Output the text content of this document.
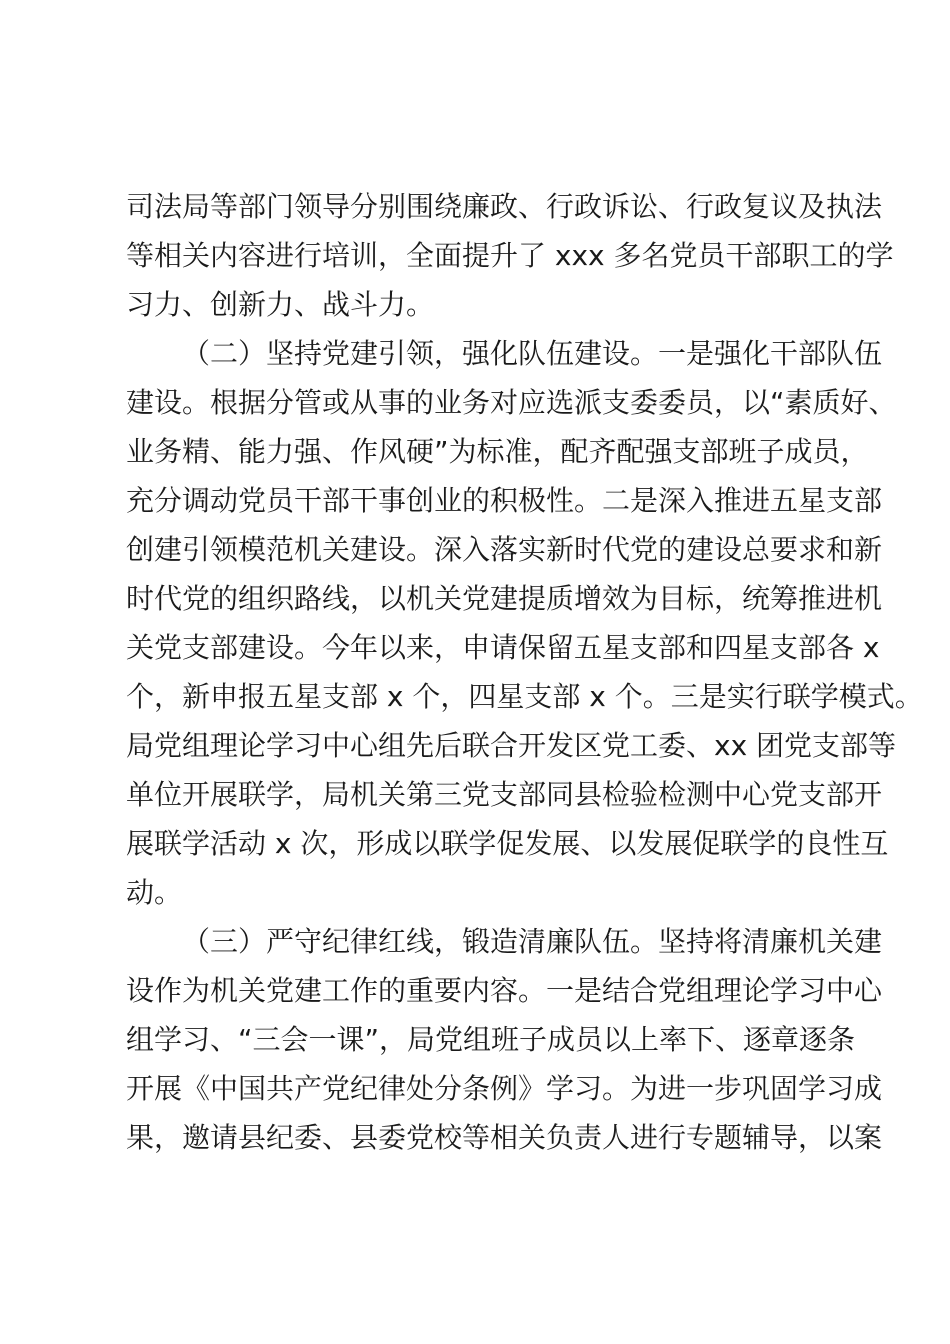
司法局等部门领导分别围绕廉政、行政诉讼、行政复议及执法
等相关内容进行培训，全面提升了 xxx 多名党员干部职工的学
习力、创新力、战斗力。
（二）坚持党建引领，强化队伍建设。一是强化干部队伍
建设。根据分管或从事的业务对应选派支委委员，以“素质好、
业务精、能力强、作风硬”为标准，配齐配强支部班子成员，
充分调动党员干部干事创业的积极性。二是深入推进五星支部
创建引领模范机关建设。深入落实新时代党的建设总要求和新
时代党的组织路线，以机关党建提质增效为目标，统筹推进机
关党支部建设。今年以来，申请保留五星支部和四星支部各 x
个，新申报五星支部 x 个，四星支部 x 个。三是实行联学模式。
局党组理论学习中心组先后联合开发区党工委、xx 团党支部等
单位开展联学，局机关第三党支部同县检验检测中心党支部开
展联学活动 x 次，形成以联学促发展、以发展促联学的良性互
动。
（三）严守纪律红线，锻造清廉队伍。坚持将清廉机关建
设作为机关党建工作的重要内容。一是结合党组理论学习中心
组学习、“三会一课”，局党组班子成员以上率下、逐章逐条
开展《中国共产党纪律处分条例》学习。为进一步巩固学习成
果，邀请县纪委、县委党校等相关负责人进行专题辅导，以案
